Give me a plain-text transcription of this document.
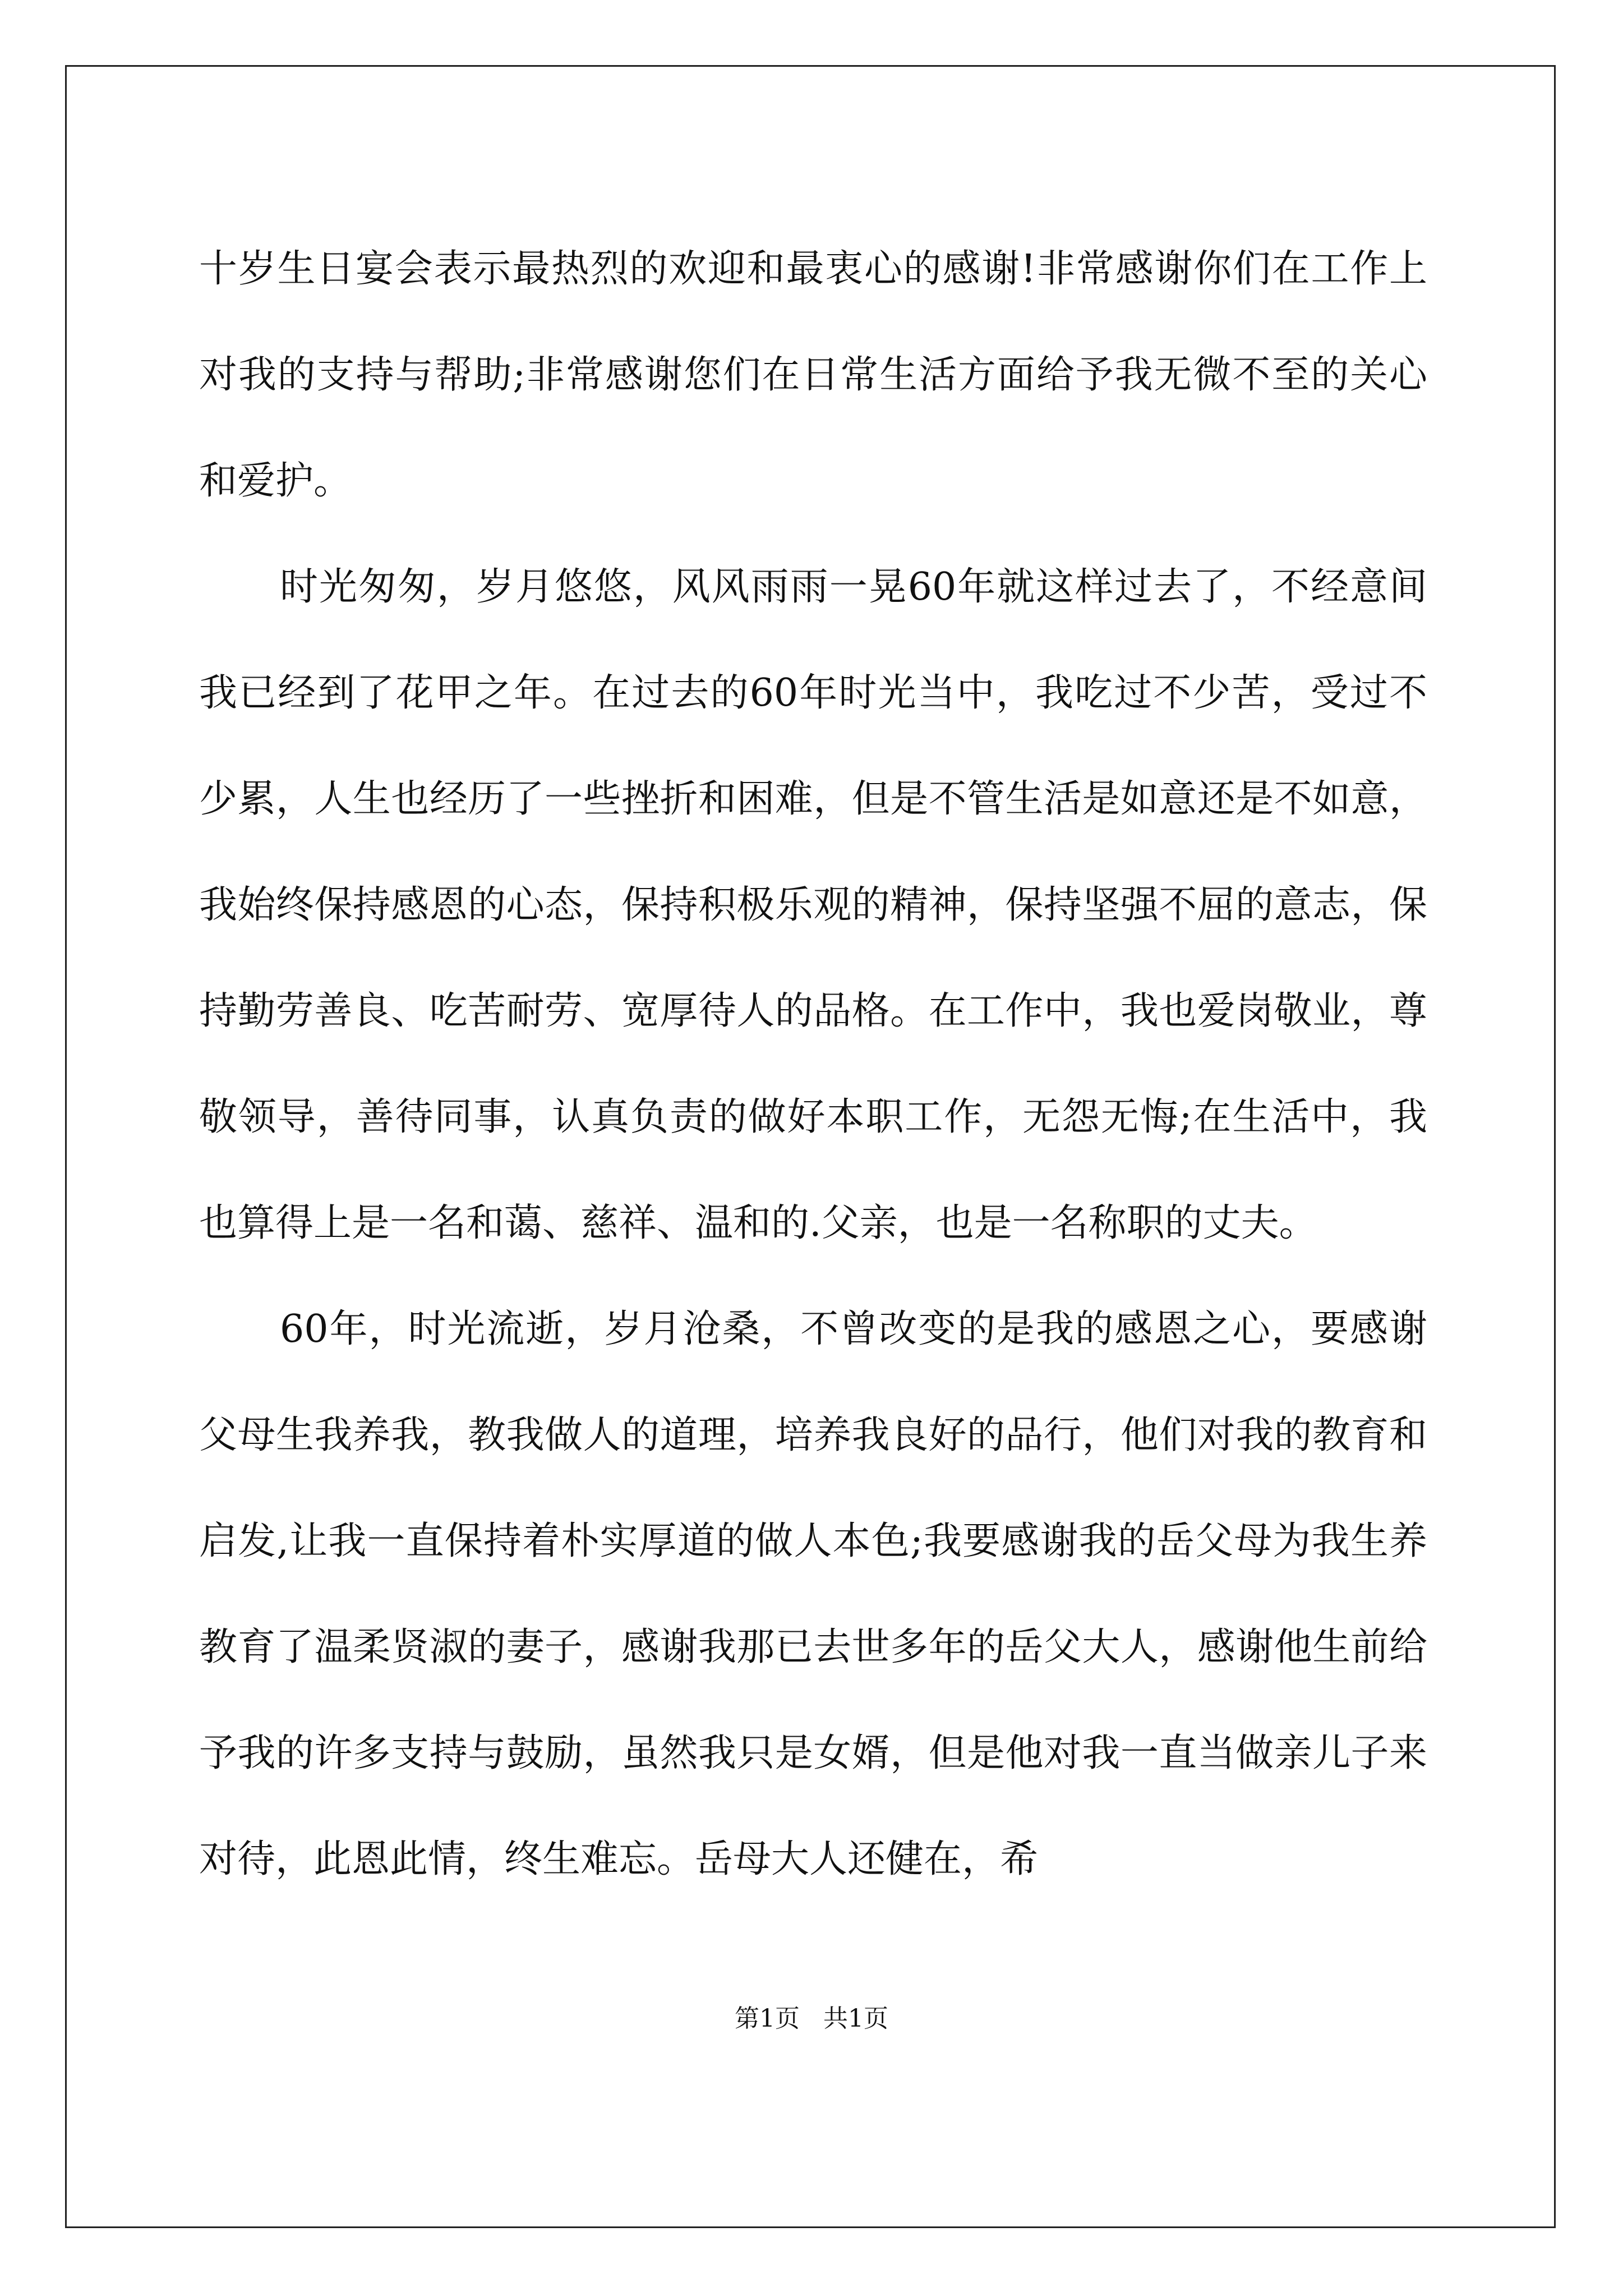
十岁生日宴会表示最热烈的欢迎和最衷心的感谢!非常感谢你们在工作上对我的支持与帮助;非常感谢您们在日常生活方面给予我无微不至的关心和爱护。

时光匆匆，岁月悠悠，风风雨雨一晃60年就这样过去了，不经意间我已经到了花甲之年。在过去的60年时光当中，我吃过不少苦，受过不少累，人生也经历了一些挫折和困难，但是不管生活是如意还是不如意，我始终保持感恩的心态，保持积极乐观的精神，保持坚强不屈的意志，保持勤劳善良、吃苦耐劳、宽厚待人的品格。在工作中，我也爱岗敬业，尊敬领导，善待同事，认真负责的做好本职工作，无怨无悔;在生活中，我也算得上是一名和蔼、慈祥、温和的.父亲，也是一名称职的丈夫。

60年，时光流逝，岁月沧桑，不曾改变的是我的感恩之心，要感谢父母生我养我，教我做人的道理，培养我良好的品行，他们对我的教育和启发,让我一直保持着朴实厚道的做人本色;我要感谢我的岳父母为我生养教育了温柔贤淑的妻子，感谢我那已去世多年的岳父大人，感谢他生前给予我的许多支持与鼓励，虽然我只是女婿，但是他对我一直当做亲儿子来对待，此恩此情，终生难忘。岳母大人还健在，希

第1页   共1页
